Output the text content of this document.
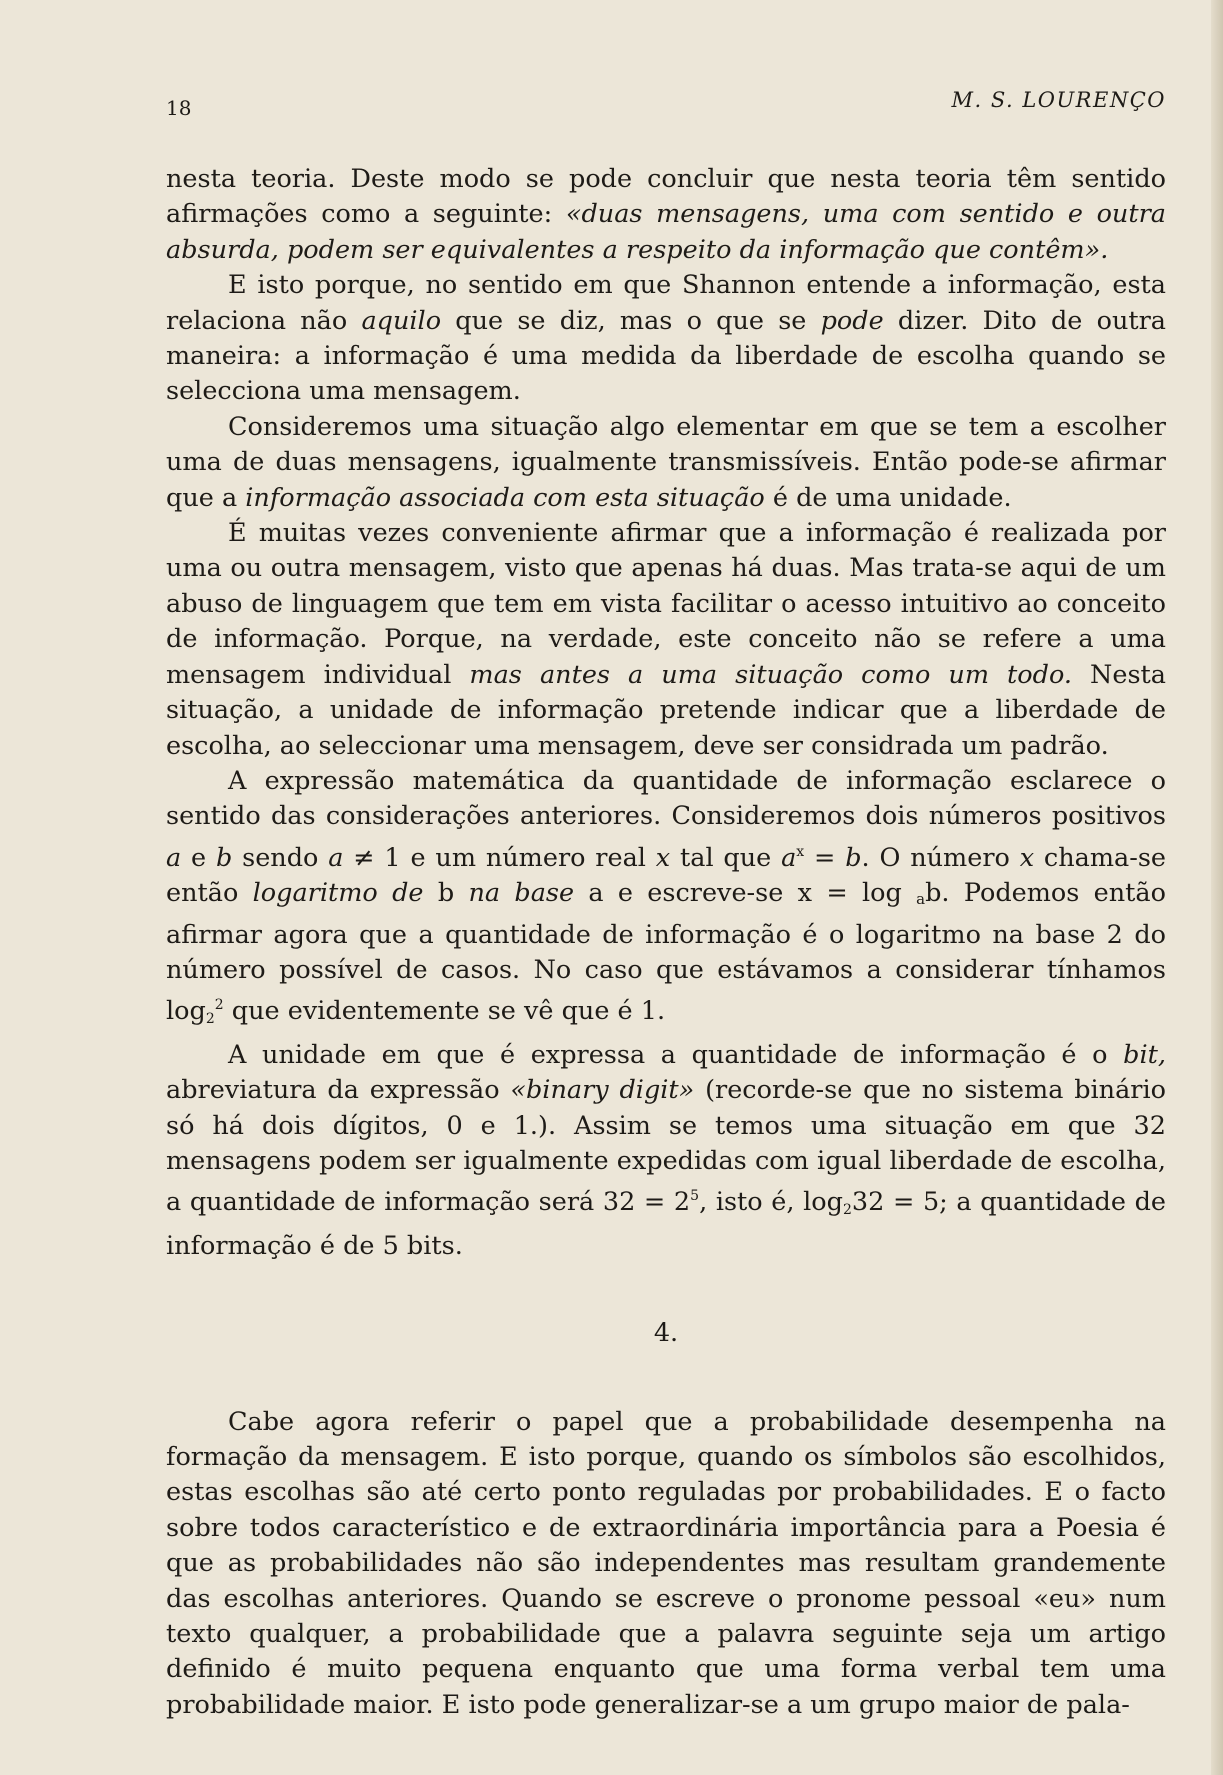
18	M. S. LOURENÇO

nesta teoria. Deste modo se pode concluir que nesta teoria têm sentido afirmações como a seguinte: «duas mensagens, uma com sentido e outra absurda, podem ser equivalentes a respeito da informação que contêm».

E isto porque, no sentido em que Shannon entende a informação, esta relaciona não aquilo que se diz, mas o que se pode dizer. Dito de outra maneira: a informação é uma medida da liberdade de escolha quando se selecciona uma mensagem.

Consideremos uma situação algo elementar em que se tem a escolher uma de duas mensagens, igualmente transmissíveis. Então pode-se afirmar que a informação associada com esta situação é de uma unidade.

É muitas vezes conveniente afirmar que a informação é realizada por uma ou outra mensagem, visto que apenas há duas. Mas trata-se aqui de um abuso de linguagem que tem em vista facilitar o acesso intuitivo ao conceito de informação. Porque, na verdade, este conceito não se refere a uma mensagem individual mas antes a uma situação como um todo. Nesta situação, a unidade de informação pretende indicar que a liberdade de escolha, ao seleccionar uma mensagem, deve ser considrada um padrão.

A expressão matemática da quantidade de informação esclarece o sentido das considerações anteriores. Consideremos dois números positivos a e b sendo a ≠ 1 e um número real x tal que $a^x = b$. O número x chama-se então logaritmo de b na base a e escreve-se x = log $_a$b. Podemos então afirmar agora que a quantidade de informação é o logaritmo na base 2 do número possível de casos. No caso que estávamos a considerar tínhamos $\log_2^2$ que evidentemente se vê que é 1.

A unidade em que é expressa a quantidade de informação é o bit, abreviatura da expressão «binary digit» (recorde-se que no sistema binário só há dois dígitos, 0 e 1.). Assim se temos uma situação em que 32 mensagens podem ser igualmente expedidas com igual liberdade de escolha, a quantidade de informação será $32 = 2^5$, isto é, $\log_232 = 5$; a quantidade de informação é de 5 bits.

4.

Cabe agora referir o papel que a probabilidade desempenha na formação da mensagem. E isto porque, quando os símbolos são escolhidos, estas escolhas são até certo ponto reguladas por probabilidades. E o facto sobre todos característico e de extraordinária importância para a Poesia é que as probabilidades não são independentes mas resultam grandemente das escolhas anteriores. Quando se escreve o pronome pessoal «eu» num texto qualquer, a probabilidade que a palavra seguinte seja um artigo definido é muito pequena enquanto que uma forma verbal tem uma probabilidade maior. E isto pode generalizar-se a um grupo maior de pala-
